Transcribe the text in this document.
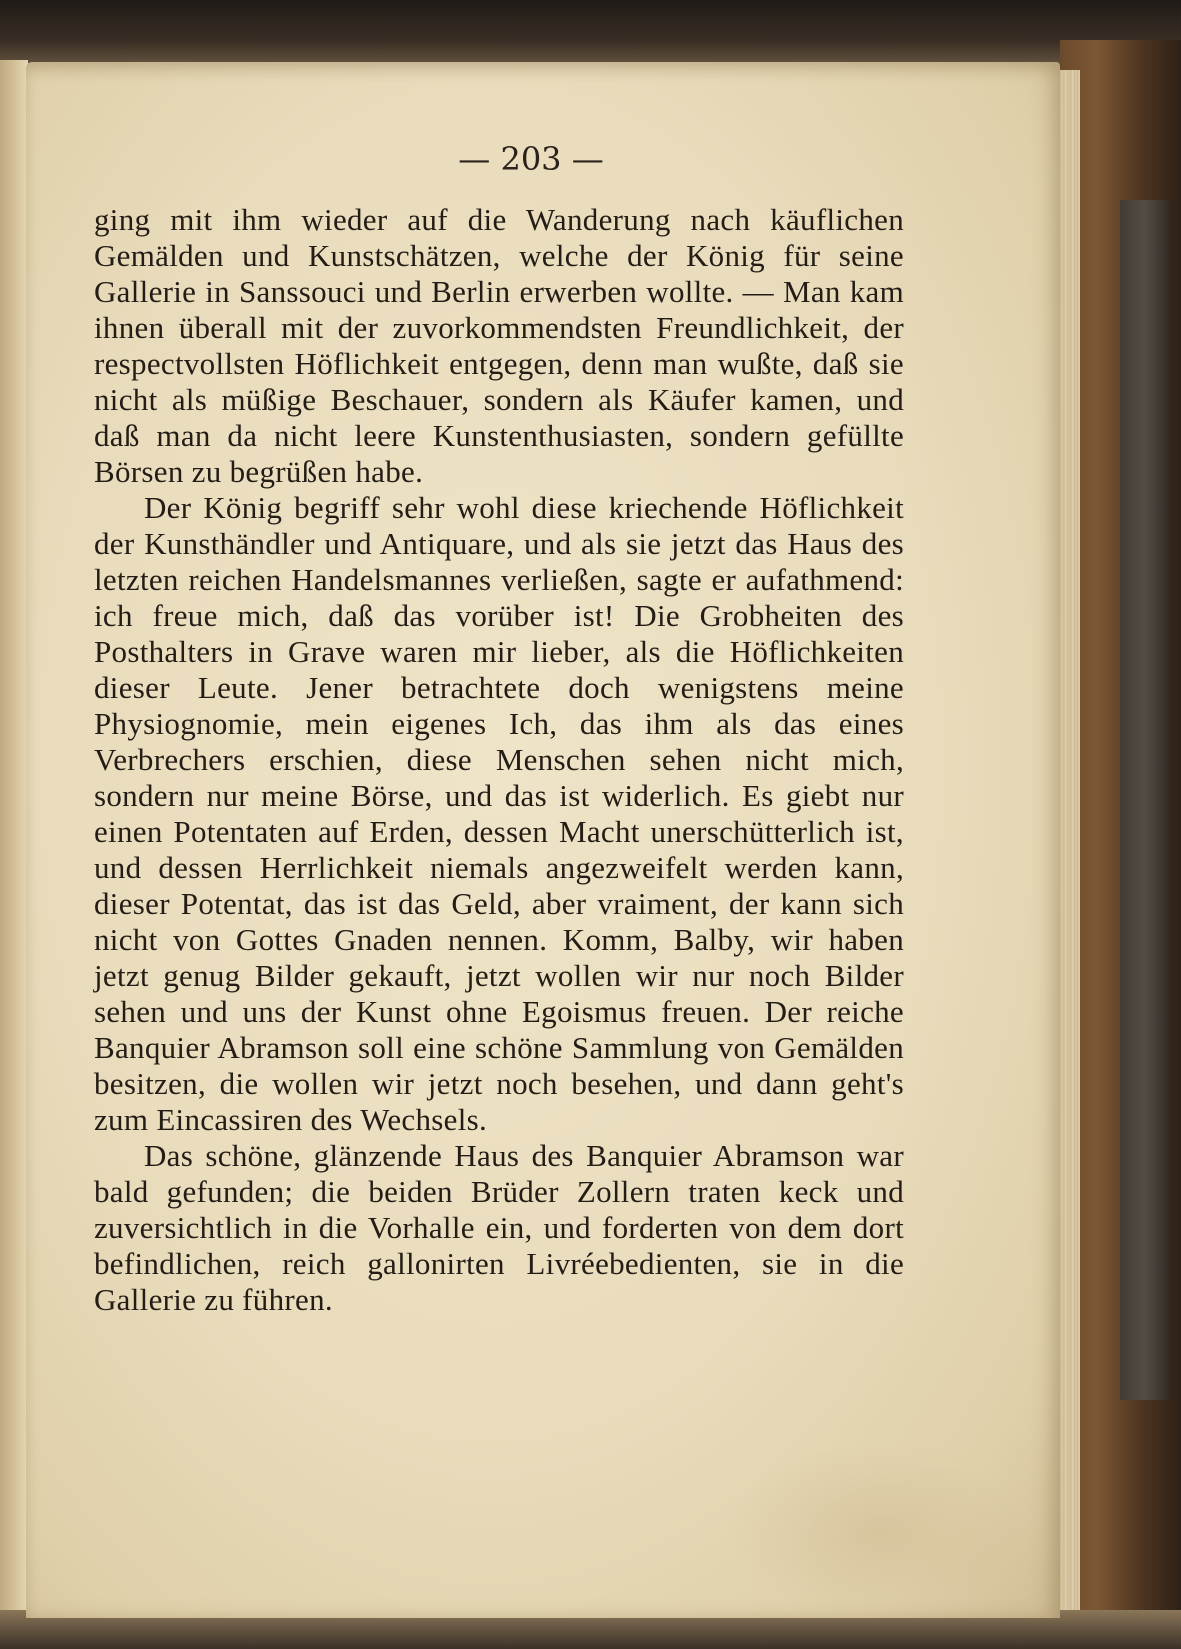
— 203 —

ging mit ihm wieder auf die Wanderung nach käuflichen Gemälden und Kunstschätzen, welche der König für seine Gallerie in Sanssouci und Berlin erwerben wollte. — Man kam ihnen überall mit der zuvorkommendsten Freundlichkeit, der respectvollsten Höflichkeit entgegen, denn man wußte, daß sie nicht als müßige Beschauer, sondern als Käufer kamen, und daß man da nicht leere Kunstenthusiasten, sondern gefüllte Börsen zu begrüßen habe.

Der König begriff sehr wohl diese kriechende Höflichkeit der Kunsthändler und Antiquare, und als sie jetzt das Haus des letzten reichen Handelsmannes verließen, sagte er aufathmend: ich freue mich, daß das vorüber ist! Die Grobheiten des Posthalters in Grave waren mir lieber, als die Höflichkeiten dieser Leute. Jener betrachtete doch wenigstens meine Physiognomie, mein eigenes Ich, das ihm als das eines Verbrechers erschien, diese Menschen sehen nicht mich, sondern nur meine Börse, und das ist widerlich. Es giebt nur einen Potentaten auf Erden, dessen Macht unerschütterlich ist, und dessen Herrlichkeit niemals angezweifelt werden kann, dieser Potentat, das ist das Geld, aber vraiment, der kann sich nicht von Gottes Gnaden nennen. Komm, Balby, wir haben jetzt genug Bilder gekauft, jetzt wollen wir nur noch Bilder sehen und uns der Kunst ohne Egoismus freuen. Der reiche Banquier Abramson soll eine schöne Sammlung von Gemälden besitzen, die wollen wir jetzt noch besehen, und dann geht's zum Eincassiren des Wechsels.

Das schöne, glänzende Haus des Banquier Abramson war bald gefunden; die beiden Brüder Zollern traten keck und zuversichtlich in die Vorhalle ein, und forderten von dem dort befindlichen, reich gallonirten Livréebedienten, sie in die Gallerie zu führen.
